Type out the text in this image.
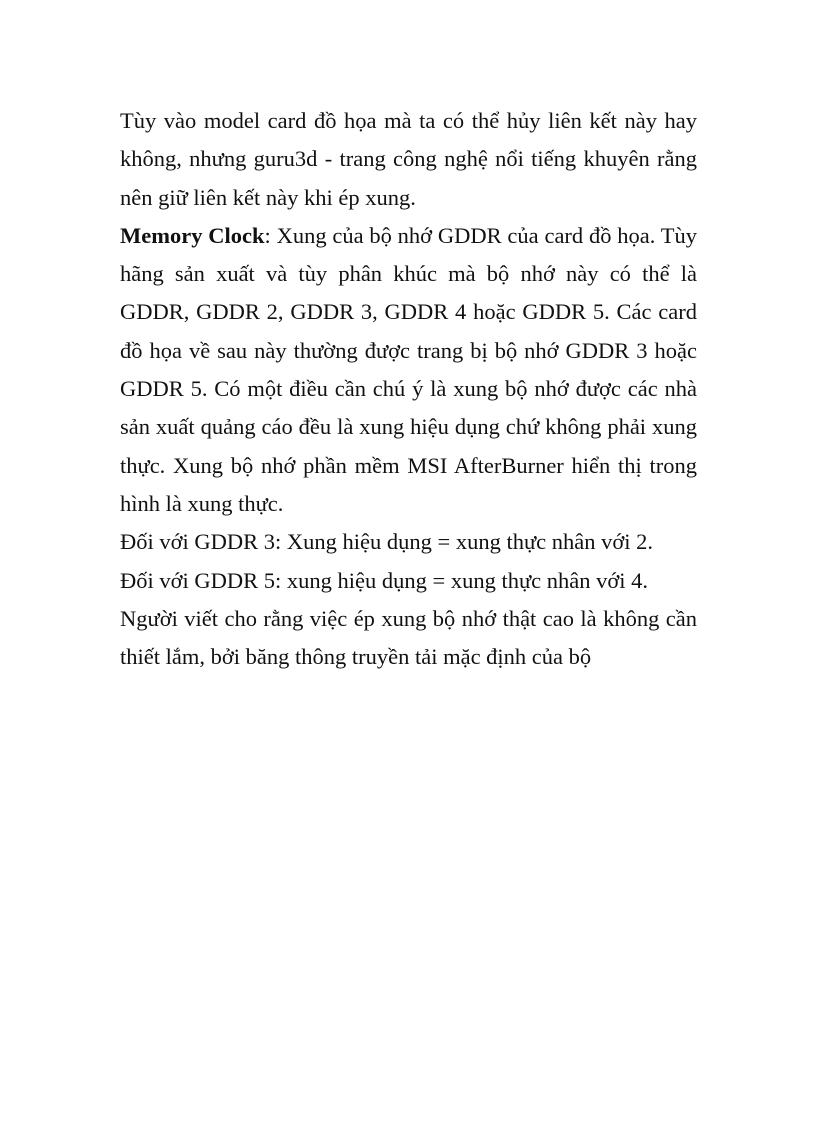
Tùy vào model card đồ họa mà ta có thể hủy liên kết này hay không, nhưng guru3d - trang công nghệ nổi tiếng khuyên rằng nên giữ liên kết này khi ép xung.

Memory Clock: Xung của bộ nhớ GDDR của card đồ họa. Tùy hãng sản xuất và tùy phân khúc mà bộ nhớ này có thể là GDDR, GDDR 2, GDDR 3, GDDR 4 hoặc GDDR 5. Các card đồ họa về sau này thường được trang bị bộ nhớ GDDR 3 hoặc GDDR 5. Có một điều cần chú ý là xung bộ nhớ được các nhà sản xuất quảng cáo đều là xung hiệu dụng chứ không phải xung thực. Xung bộ nhớ phần mềm MSI AfterBurner hiển thị trong hình là xung thực.

Đối với GDDR 3: Xung hiệu dụng = xung thực nhân với 2.

Đối với GDDR 5: xung hiệu dụng = xung thực nhân với 4.

Người viết cho rằng việc ép xung bộ nhớ thật cao là không cần thiết lắm, bởi băng thông truyền tải mặc định của bộ
